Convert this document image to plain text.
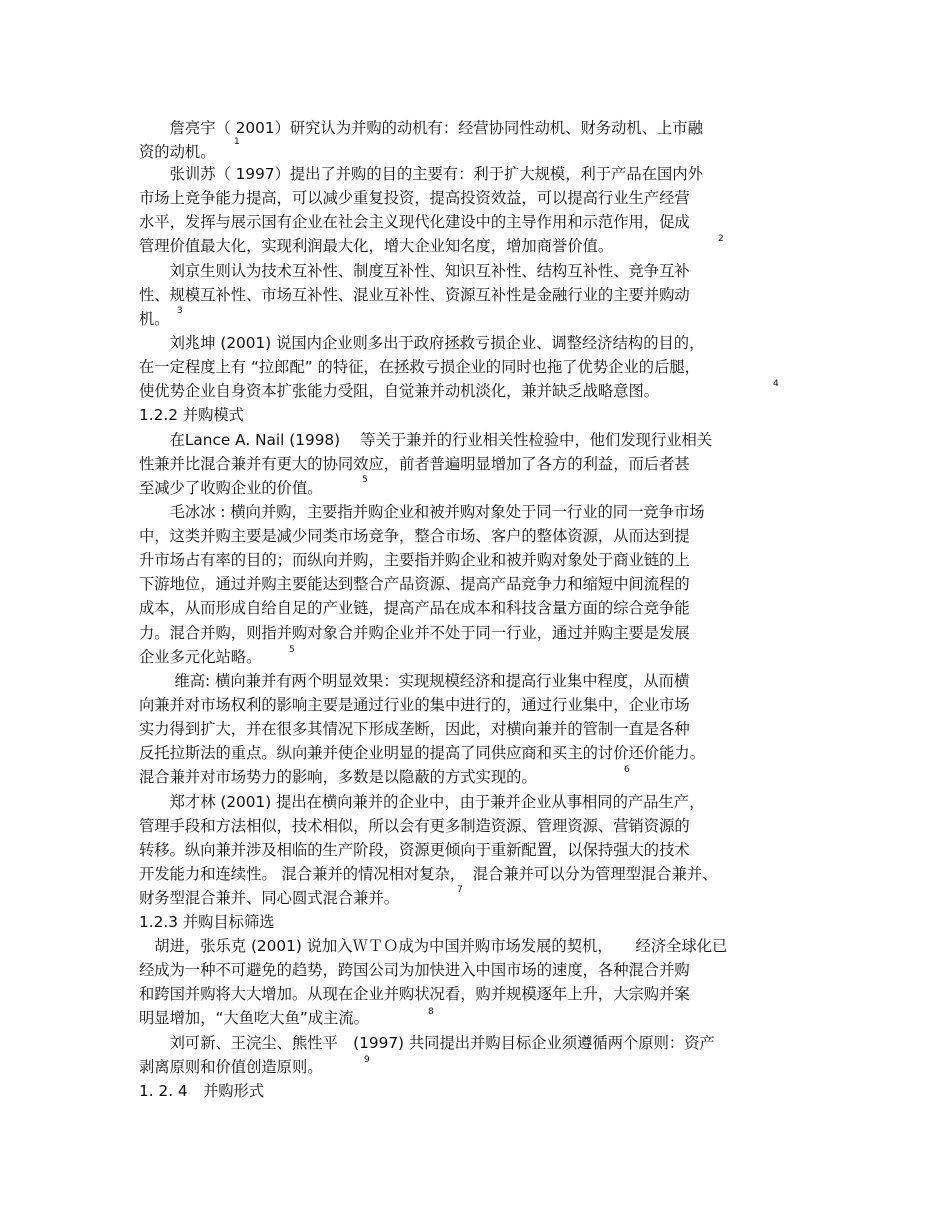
　　詹亮宇（ 2001）研究认为并购的动机有：经营协同性动机、财务动机、上市融
资的动机。
1
　　张训苏（ 1997）提出了并购的目的主要有：利于扩大规模，利于产品在国内外
市场上竞争能力提高，可以减少重复投资，提高投资效益，可以提高行业生产经营
水平，发挥与展示国有企业在社会主义现代化建设中的主导作用和示范作用，促成
管理价值最大化，实现利润最大化，增大企业知名度，增加商誉价值。	2
　　刘京生则认为技术互补性、制度互补性、知识互补性、结构互补性、竞争互补
性、规模互补性、市场互补性、混业互补性、资源互补性是金融行业的主要并购动
机。 3
　　刘兆坤 (2001) 说国内企业则多出于政府拯救亏损企业、调整经济结构的目的，
在一定程度上有 “拉郎配” 的特征，在拯救亏损企业的同时也拖了优势企业的后腿，
使优势企业自身资本扩张能力受阻，自觉兼并动机淡化，兼并缺乏战略意图。	4
1.2.2 并购模式
　　在Lance A. Nail (1998)　 等关于兼并的行业相关性检验中，他们发现行业相关
性兼并比混合兼并有更大的协同效应，前者普遍明显增加了各方的利益，而后者甚
至减少了收购企业的价值。	5
　　毛冰冰 : 横向并购，主要指并购企业和被并购对象处于同一行业的同一竞争市场
中，这类并购主要是减少同类市场竞争，整合市场、客户的整体资源，从而达到提
升市场占有率的目的；而纵向并购，主要指并购企业和被并购对象处于商业链的上
下游地位，通过并购主要能达到整合产品资源、提高产品竞争力和缩短中间流程的
成本，从而形成自给自足的产业链，提高产品在成本和科技含量方面的综合竞争能
力。混合并购，则指并购对象合并购企业并不处于同一行业，通过并购主要是发展
企业多元化站略。	5
　　 维高: 横向兼并有两个明显效果：实现规模经济和提高行业集中程度，从而横
向兼并对市场权利的影响主要是通过行业的集中进行的，通过行业集中，企业市场
实力得到扩大，并在很多其情况下形成垄断，因此，对横向兼并的管制一直是各种
反托拉斯法的重点。纵向兼并使企业明显的提高了同供应商和买主的讨价还价能力。
混合兼并对市场势力的影响，多数是以隐蔽的方式实现的。	6
　　郑才林 (2001) 提出在横向兼并的企业中，由于兼并企业从事相同的产品生产，
管理手段和方法相似，技术相似，所以会有更多制造资源、管理资源、营销资源的
转移。纵向兼并涉及相临的生产阶段，资源更倾向于重新配置，以保持强大的技术
开发能力和连续性。 混合兼并的情况相对复杂，　混合兼并可以分为管理型混合兼并、
财务型混合兼并、同心圆式混合兼并。	7
1.2.3 并购目标筛选
　胡进，张乐克 (2001) 说加入ＷＴＯ成为中国并购市场发展的契机，　　经济全球化已
经成为一种不可避免的趋势，跨国公司为加快进入中国市场的速度，各种混合并购
和跨国并购将大大增加。从现在企业并购状况看，购并规模逐年上升，大宗购并案
明显增加，“大鱼吃大鱼”成主流。	8
　　刘可新、王浣尘、熊性平　(1997) 共同提出并购目标企业须遵循两个原则：资产
剥离原则和价值创造原则。	9
1. 2. 4　并购形式
